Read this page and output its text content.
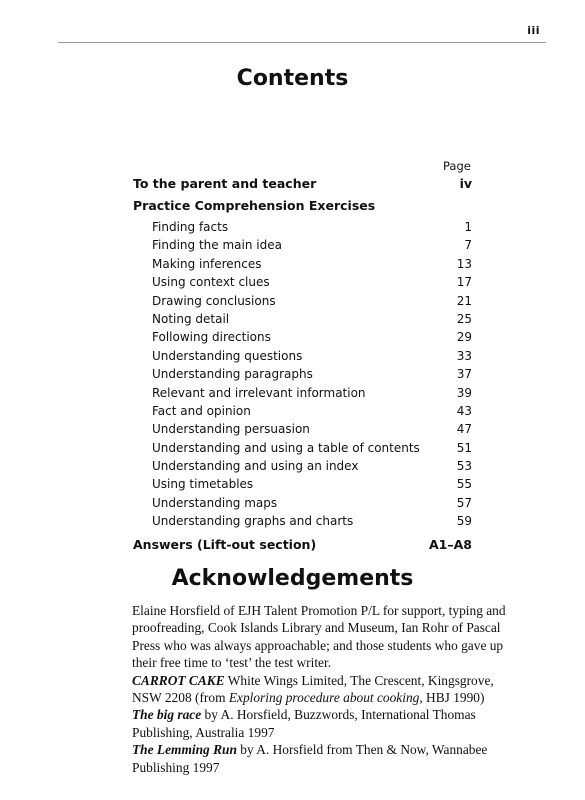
iii
Contents
Page
To the parent and teacher	iv
Practice Comprehension Exercises
Finding facts	1
Finding the main idea	7
Making inferences	13
Using context clues	17
Drawing conclusions	21
Noting detail	25
Following directions	29
Understanding questions	33
Understanding paragraphs	37
Relevant and irrelevant information	39
Fact and opinion	43
Understanding persuasion	47
Understanding and using a table of contents	51
Understanding and using an index	53
Using timetables	55
Understanding maps	57
Understanding graphs and charts	59
Answers (Lift-out section)	A1–A8
Acknowledgements

Elaine Horsfield of EJH Talent Promotion P/L for support, typing and proofreading, Cook Islands Library and Museum, Ian Rohr of Pascal Press who was always approachable; and those students who gave up their free time to ‘test’ the test writer.

CARROT CAKE White Wings Limited, The Crescent, Kingsgrove, NSW 2208 (from Exploring procedure about cooking, HBJ 1990)

The big race by A. Horsfield, Buzzwords, International Thomas Publishing, Australia 1997

The Lemming Run by A. Horsfield from Then & Now, Wannabee Publishing 1997
